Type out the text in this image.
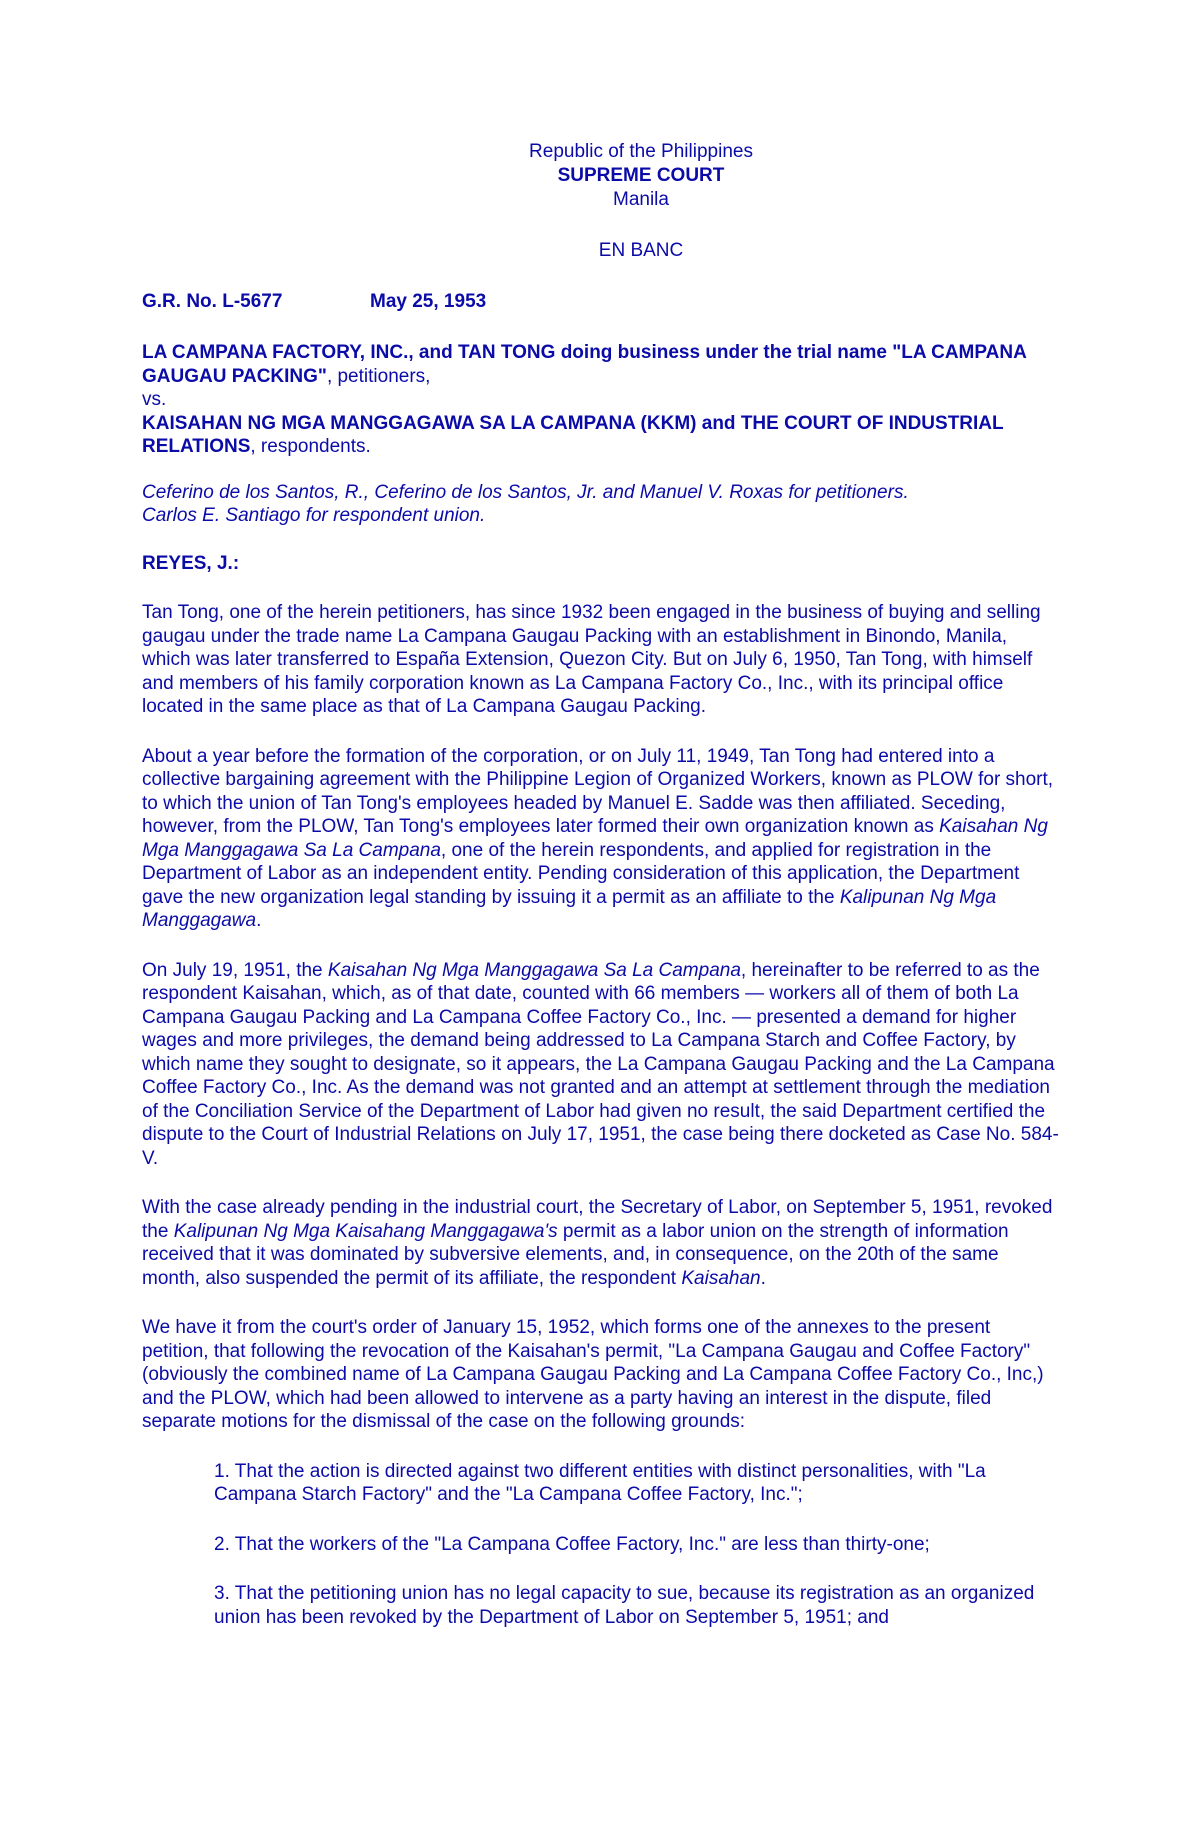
Republic of the Philippines
SUPREME COURT
Manila
EN BANC
G.R. No. L-5677	May 25, 1953
LA CAMPANA FACTORY, INC., and TAN TONG doing business under the trial name "LA CAMPANA GAUGAU PACKING", petitioners,
vs.
KAISAHAN NG MGA MANGGAGAWA SA LA CAMPANA (KKM) and THE COURT OF INDUSTRIAL RELATIONS, respondents.
Ceferino de los Santos, R., Ceferino de los Santos, Jr. and Manuel V. Roxas for petitioners.
Carlos E. Santiago for respondent union.
REYES, J.:

Tan Tong, one of the herein petitioners, has since 1932 been engaged in the business of buying and selling gaugau under the trade name La Campana Gaugau Packing with an establishment in Binondo, Manila, which was later transferred to España Extension, Quezon City. But on July 6, 1950, Tan Tong, with himself and members of his family corporation known as La Campana Factory Co., Inc., with its principal office located in the same place as that of La Campana Gaugau Packing.

About a year before the formation of the corporation, or on July 11, 1949, Tan Tong had entered into a collective bargaining agreement with the Philippine Legion of Organized Workers, known as PLOW for short, to which the union of Tan Tong's employees headed by Manuel E. Sadde was then affiliated. Seceding, however, from the PLOW, Tan Tong's employees later formed their own organization known as Kaisahan Ng Mga Manggagawa Sa La Campana, one of the herein respondents, and applied for registration in the Department of Labor as an independent entity. Pending consideration of this application, the Department gave the new organization legal standing by issuing it a permit as an affiliate to the Kalipunan Ng Mga Manggagawa.

On July 19, 1951, the Kaisahan Ng Mga Manggagawa Sa La Campana, hereinafter to be referred to as the respondent Kaisahan, which, as of that date, counted with 66 members — workers all of them of both La Campana Gaugau Packing and La Campana Coffee Factory Co., Inc. — presented a demand for higher wages and more privileges, the demand being addressed to La Campana Starch and Coffee Factory, by which name they sought to designate, so it appears, the La Campana Gaugau Packing and the La Campana Coffee Factory Co., Inc. As the demand was not granted and an attempt at settlement through the mediation of the Conciliation Service of the Department of Labor had given no result, the said Department certified the dispute to the Court of Industrial Relations on July 17, 1951, the case being there docketed as Case No. 584-V.

With the case already pending in the industrial court, the Secretary of Labor, on September 5, 1951, revoked the Kalipunan Ng Mga Kaisahang Manggagawa's permit as a labor union on the strength of information received that it was dominated by subversive elements, and, in consequence, on the 20th of the same month, also suspended the permit of its affiliate, the respondent Kaisahan.

We have it from the court's order of January 15, 1952, which forms one of the annexes to the present petition, that following the revocation of the Kaisahan's permit, "La Campana Gaugau and Coffee Factory" (obviously the combined name of La Campana Gaugau Packing and La Campana Coffee Factory Co., Inc,) and the PLOW, which had been allowed to intervene as a party having an interest in the dispute, filed separate motions for the dismissal of the case on the following grounds:

1. That the action is directed against two different entities with distinct personalities, with "La Campana Starch Factory" and the "La Campana Coffee Factory, Inc.";
2. That the workers of the "La Campana Coffee Factory, Inc." are less than thirty-one;
3. That the petitioning union has no legal capacity to sue, because its registration as an organized union has been revoked by the Department of Labor on September 5, 1951; and
